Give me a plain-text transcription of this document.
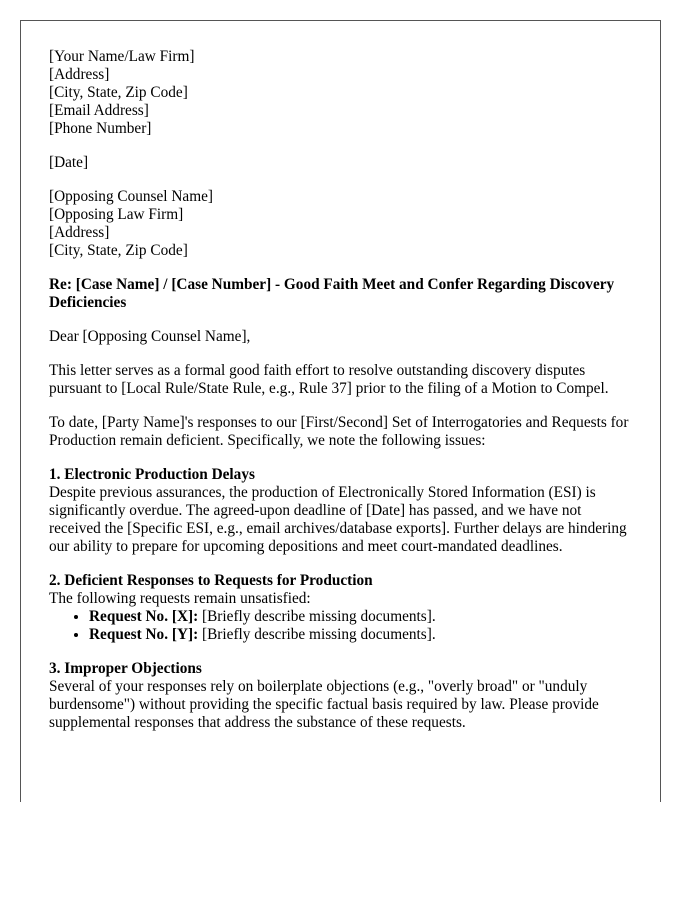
[Your Name/Law Firm]
[Address]
[City, State, Zip Code]
[Email Address]
[Phone Number]
[Date]
[Opposing Counsel Name]
[Opposing Law Firm]
[Address]
[City, State, Zip Code]

Re: [Case Name] / [Case Number] - Good Faith Meet and Confer Regarding Discovery Deficiencies

Dear [Opposing Counsel Name],

This letter serves as a formal good faith effort to resolve outstanding discovery disputes pursuant to [Local Rule/State Rule, e.g., Rule 37] prior to the filing of a Motion to Compel.

To date, [Party Name]'s responses to our [First/Second] Set of Interrogatories and Requests for Production remain deficient. Specifically, we note the following issues:

1. Electronic Production Delays
Despite previous assurances, the production of Electronically Stored Information (ESI) is significantly overdue. The agreed-upon deadline of [Date] has passed, and we have not received the [Specific ESI, e.g., email archives/database exports]. Further delays are hindering our ability to prepare for upcoming depositions and meet court-mandated deadlines.

2. Deficient Responses to Requests for Production
The following requests remain unsatisfied:
• Request No. [X]: [Briefly describe missing documents].
• Request No. [Y]: [Briefly describe missing documents].

3. Improper Objections
Several of your responses rely on boilerplate objections (e.g., "overly broad" or "unduly burdensome") without providing the specific factual basis required by law. Please provide supplemental responses that address the substance of these requests.
